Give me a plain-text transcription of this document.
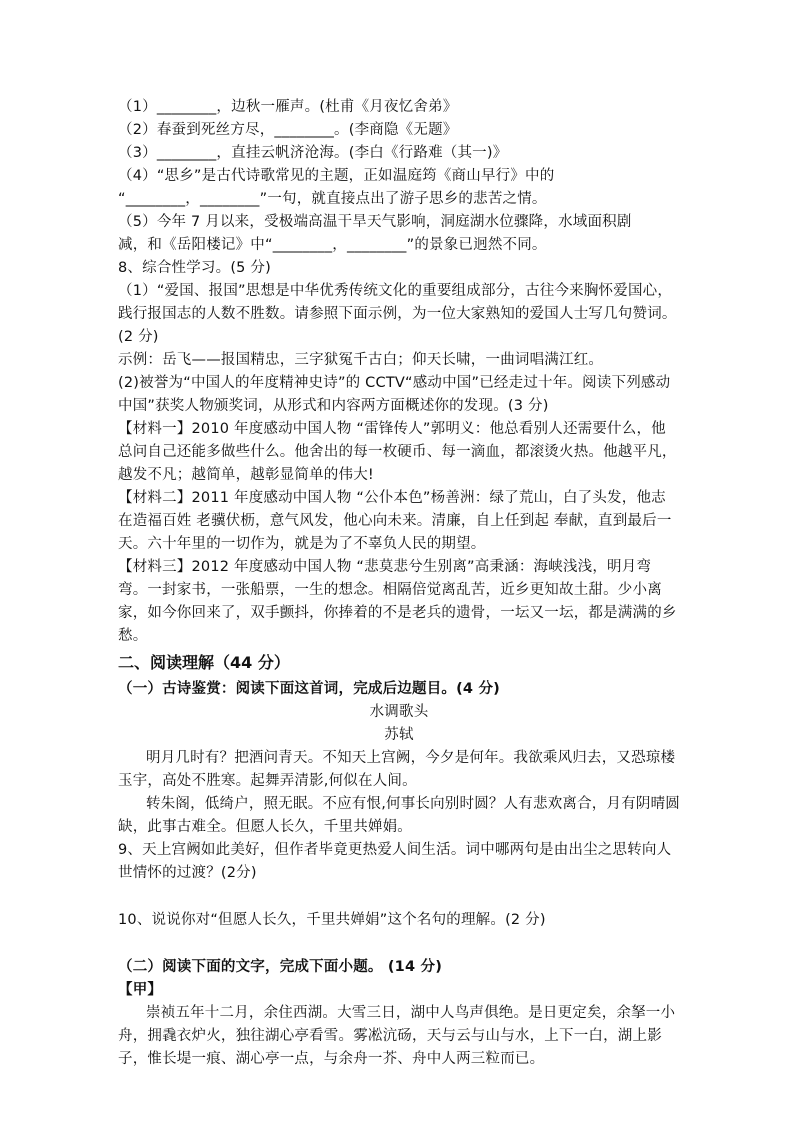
（1）________，边秋一雁声。(杜甫《月夜忆舍弟》
（2）春蚕到死丝方尽，________。(李商隐《无题》
（3）________，直挂云帆济沧海。(李白《行路难（其一)》
（4）“思乡”是古代诗歌常见的主题，正如温庭筠《商山早行》中的
“________，________”一句，就直接点出了游子思乡的悲苦之情。
（5）今年 7 月以来，受极端高温干旱天气影响，洞庭湖水位骤降，水域面积剧
减，和《岳阳楼记》中“________，________”的景象已迥然不同。
8、综合性学习。(5 分)
（1）“爱国、报国”思想是中华优秀传统文化的重要组成部分，古往今来胸怀爱国心，践行报国志的人数不胜数。请参照下面示例，为一位大家熟知的爱国人士写几句赞词。(2 分)
示例：岳飞——报国精忠，三字狱冤千古白；仰天长啸，一曲词唱满江红。
(2)被誉为“中国人的年度精神史诗”的 CCTV“感动中国”已经走过十年。阅读下列感动中国”获奖人物颁奖词，从形式和内容两方面概述你的发现。(3 分)
【材料一】2010 年度感动中国人物 “雷锋传人”郭明义：他总看别人还需要什么，他总问自己还能多做些什么。他舍出的每一枚硬币、每一滴血，都滚烫火热。他越平凡，越发不凡；越简单，越彰显简单的伟大!
【材料二】2011 年度感动中国人物 “公仆本色”杨善洲：绿了荒山，白了头发，他志在造福百姓 老骥伏枥，意气风发，他心向未来。清廉，自上任到起 奉献，直到最后一天。六十年里的一切作为，就是为了不辜负人民的期望。
【材料三】2012 年度感动中国人物 “悲莫悲兮生别离”高秉涵：海峡浅浅，明月弯弯。一封家书，一张船票，一生的想念。相隔倍觉离乱苦，近乡更知故土甜。少小离家，如今你回来了，双手颤抖，你捧着的不是老兵的遗骨，一坛又一坛，都是满满的乡愁。
二、阅读理解（44 分）
（一）古诗鉴赏：阅读下面这首词，完成后边题目。(4 分)
水调歌头
苏轼
明月几时有？把酒问青天。不知天上宫阙，今夕是何年。我欲乘风归去，又恐琼楼玉宇，高处不胜寒。起舞弄清影,何似在人间。
转朱阁，低绮户，照无眠。不应有恨,何事长向别时圆？人有悲欢离合，月有阴晴圆缺，此事古难全。但愿人长久，千里共婵娟。
9、天上宫阙如此美好，但作者毕竟更热爱人间生活。词中哪两句是由出尘之思转向人世情怀的过渡？(2分)
10、说说你对“但愿人长久，千里共婵娟”这个名句的理解。(2 分)
（二）阅读下面的文字，完成下面小题。 (14 分)
【甲】
崇祯五年十二月，余住西湖。大雪三日，湖中人鸟声俱绝。是日更定矣，余拏一小舟，拥毳衣炉火，独往湖心亭看雪。雾凇沆砀，天与云与山与水，上下一白，湖上影子，惟长堤一痕、湖心亭一点，与余舟一芥、舟中人两三粒而已。
